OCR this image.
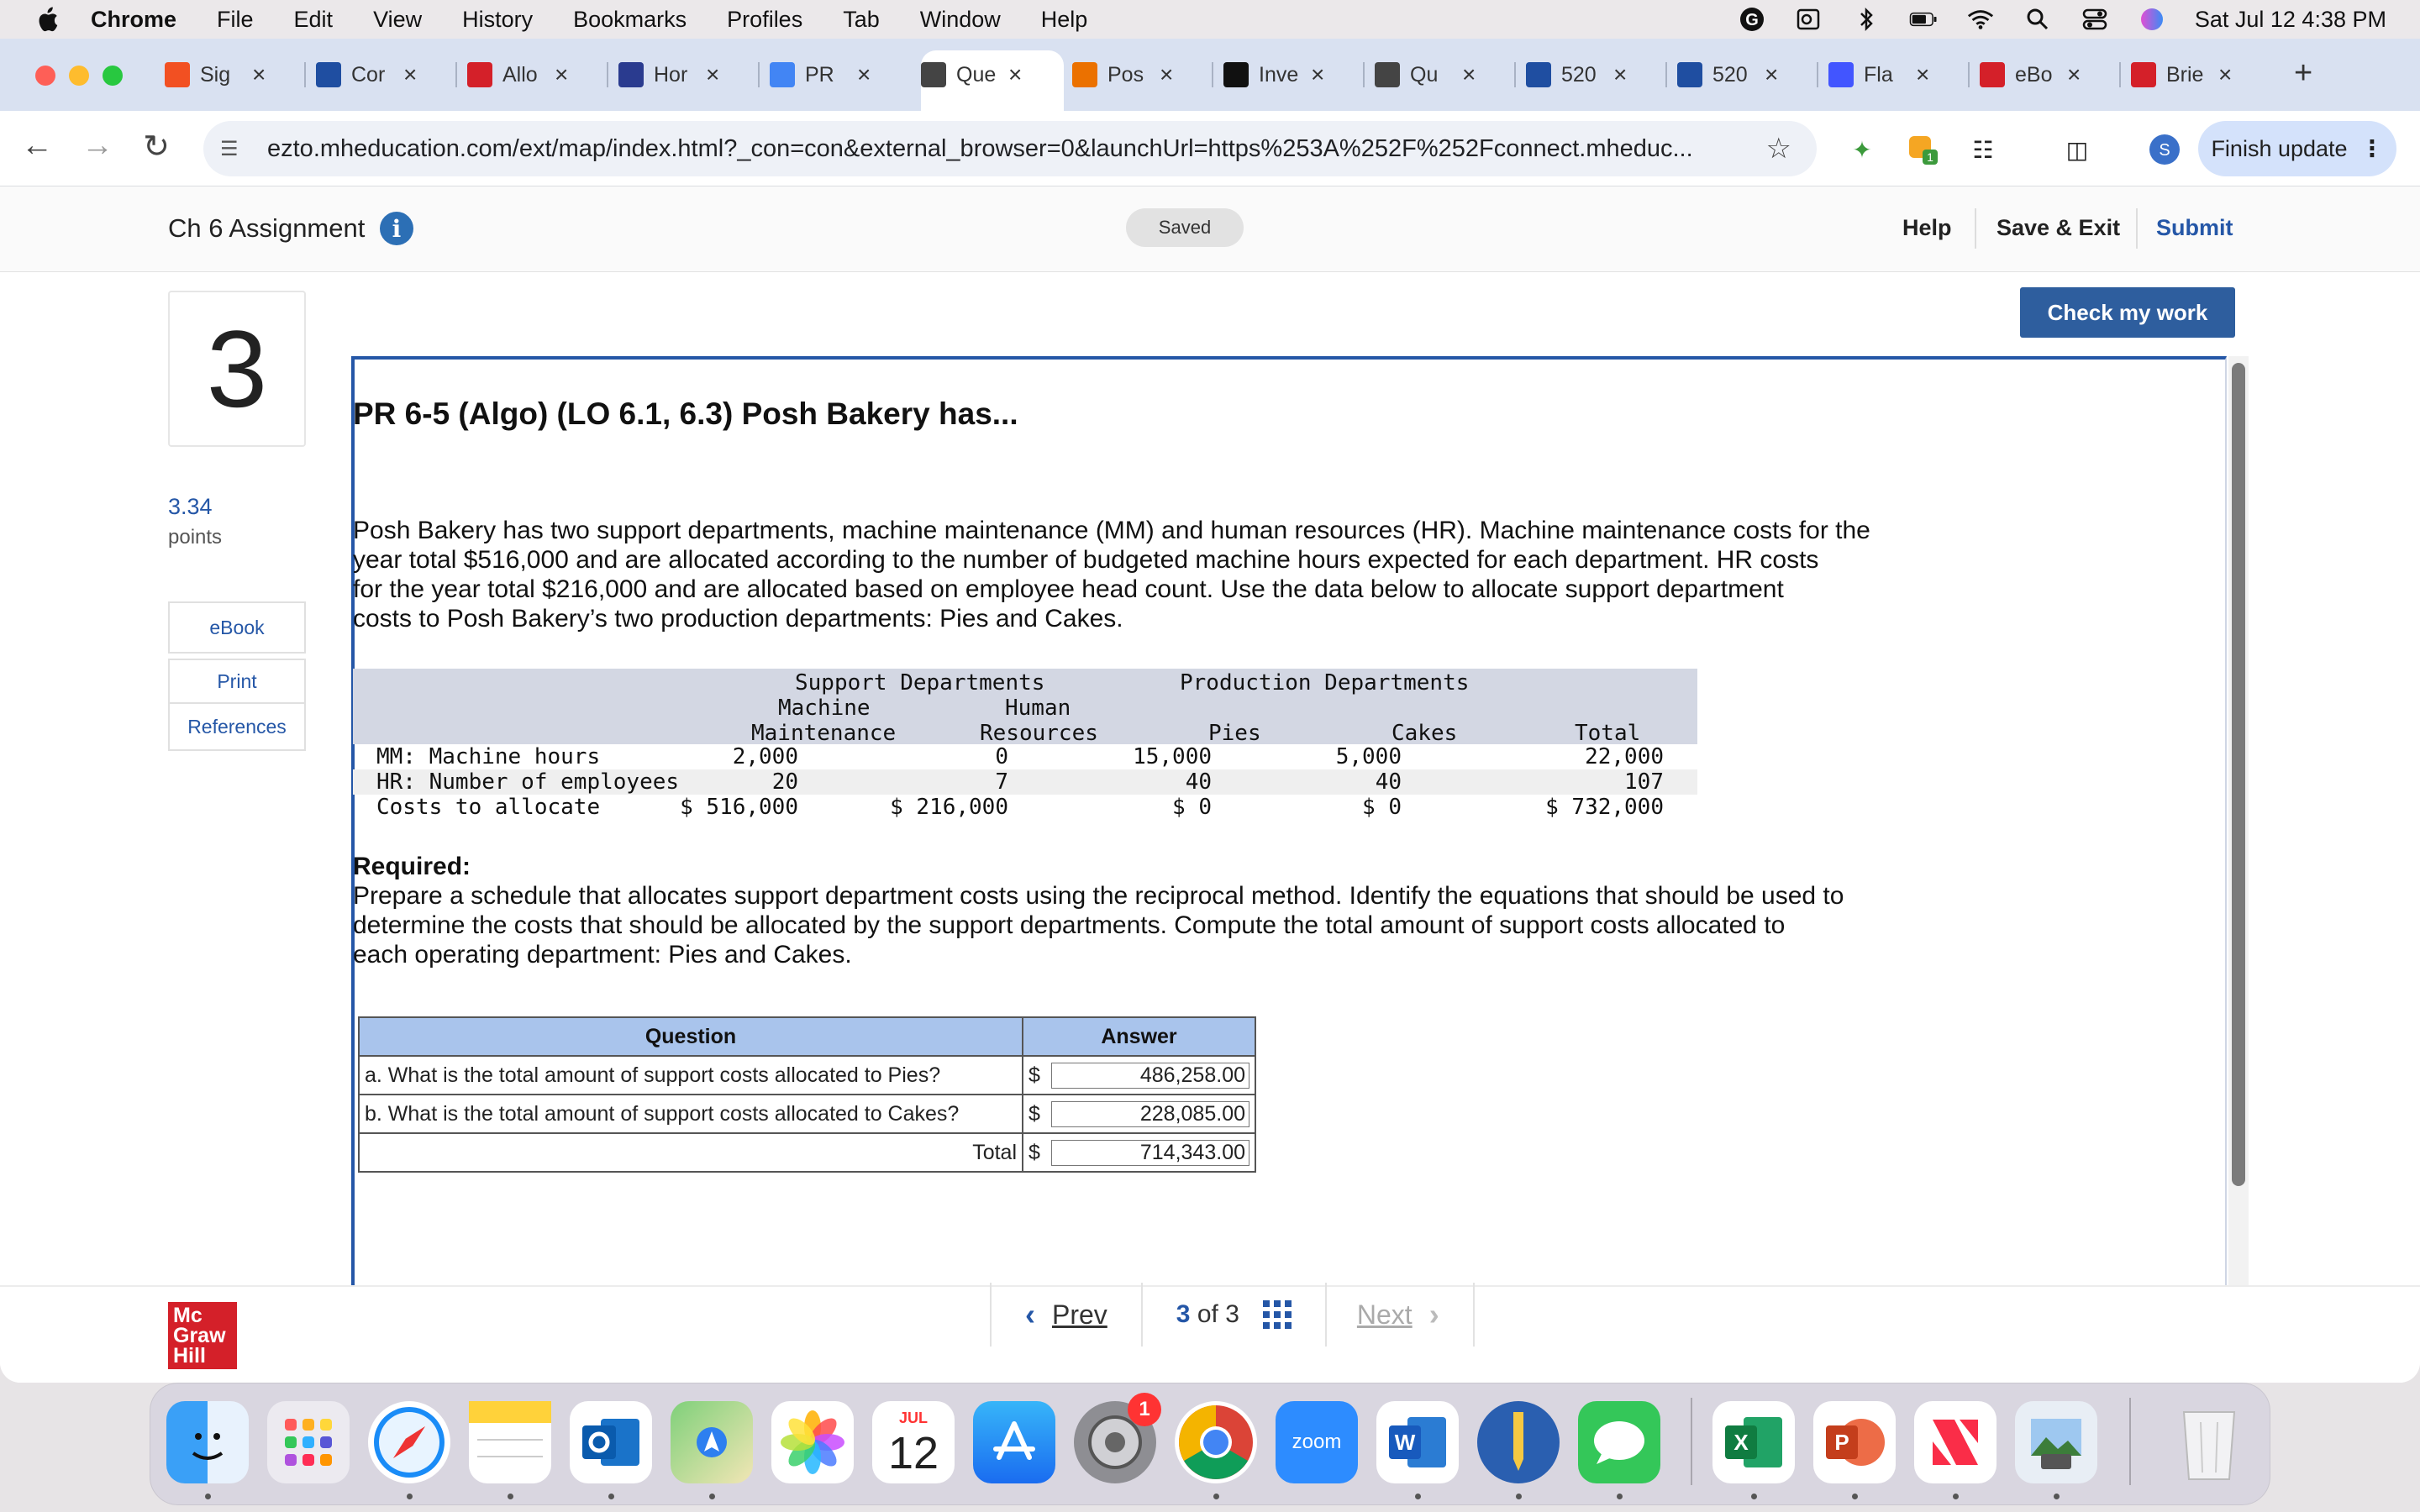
Chrome File Edit View History Bookmarks Profiles Tab Window Help	G	Sat Jul 12 4:38 PM
Sig ×	Cor ×	Allo ×	Hor ×	PR ×	Que ×	Pos ×	Inve ×	Qu	×	520 ×	520 ×	Fla ×	eBo ×	Brie × +
← → ↻	☰	ezto.mheducation.com/ext/map/index.html?_con=con&external_browser=0&launchUrl=https%253A%252F%252Fconnect.mheduc...	☆	✦	1 ☷	◫	S Finish update ⋮
Ch 6 Assignment	i	Saved	Help Save & Exit Submit
3
3.34
points
eBook
Print
References
Check my work
PR 6-5 (Algo) (LO 6.1, 6.3) Posh Bakery has...
Posh Bakery has two support departments, machine maintenance (MM) and human resources (HR). Machine maintenance costs for the
year total $516,000 and are allocated according to the number of budgeted machine hours expected for each department. HR costs
for the year total $216,000 and are allocated based on employee head count. Use the data below to allocate support department
costs to Posh Bakery’s two production departments: Pies and Cakes.
Support Departments	Production Departments
Machine	Human
Maintenance	Resources	Pies	Cakes	Total
MM: Machine hours	2,000	0	15,000	5,000	22,000
HR: Number of employees	20	7	40	40	107
Costs to allocate	$ 516,000	$ 216,000	$ 0	$ 0	$ 732,000
Required:
Prepare a schedule that allocates support department costs using the reciprocal method. Identify the equations that should be used to
determine the costs that should be allocated by the support departments. Compute the total amount of support costs allocated to
each operating department: Pies and Cakes.
Question	Answer	
a. What is the total amount of support costs allocated to Pies?	$	486,258.00
b. What is the total amount of support costs allocated to Cakes?	$	228,085.00
Total	$	714,343.00
Mc
Graw
Hill
‹ Prev	3 of 3	Next ›
JUL
12
1
zoom W	X	P
